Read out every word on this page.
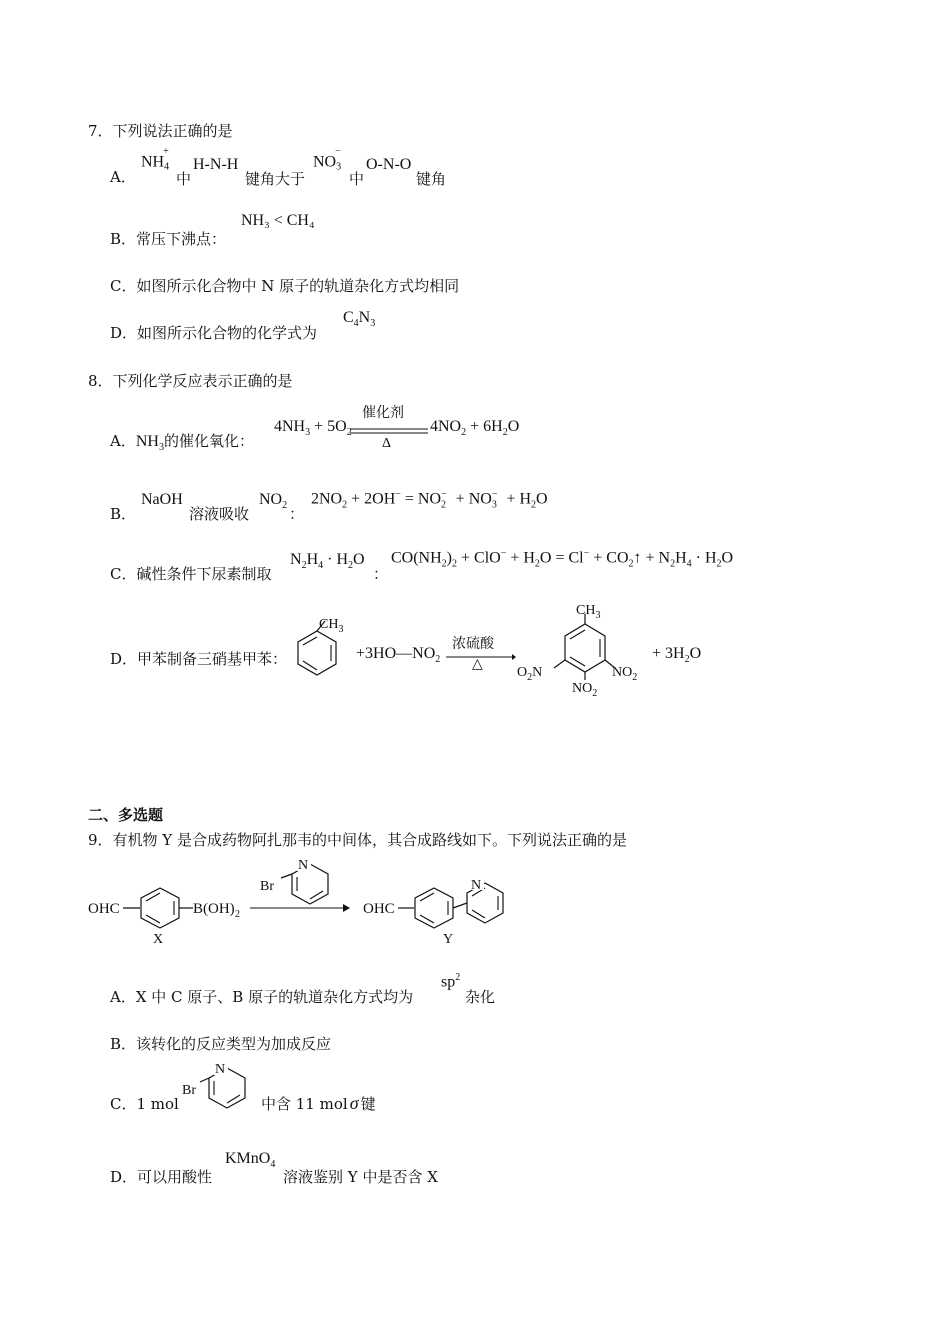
7．下列说法正确的是
A．
$NH_4^+$
中
H-N-H
键角大于
$NO_3^-$
中
O-N-O
键角
B．常压下沸点：
NH₃ < CH₄
C．如图所示化合物中 N 原子的轨道杂化方式均相同
D．如图所示化合物的化学式为
$C_4N_3$
8．下列化学反应表示正确的是
A．$NH_3$的催化氧化：
$4NH_3 + 5O_2$
催化剂
Δ
$4NO_2 + 6H_2O$
B．
NaOH
溶液吸收
$NO_2$ ：
$2NO_2 + 2OH^- = NO_2^- + NO_3^- + H_2O$
C．碱性条件下尿素制取
$N_2H_4 \cdot H_2O$
：
$CO(NH_2)_2 + ClO^- + H_2O = Cl^-$ + $CO_2↑ + N_2H_4 \cdot H_2O$
D．甲苯制备三硝基甲苯：
$CH_3$
$+3HO—NO_2$
浓硫酸
△
$CH_3$
$O_2N$	$NO_2$
$NO_2$
+ $3H_2O$
二、多选题
9．有机物 Y 是合成药物阿扎那韦的中间体，其合成路线如下。下列说法正确的是
OHC	B(OH) 2
X
N
Br
OHC
N
Y
A．X 中 C 原子、B 原子的轨道杂化方式均为
$sp^2$
杂化
B．该转化的反应类型为加成反应
C．1 mol
N
Br
中含 11 mol σ 键
D．可以用酸性
KMnO$_4$
溶液鉴别 Y 中是否含 X
